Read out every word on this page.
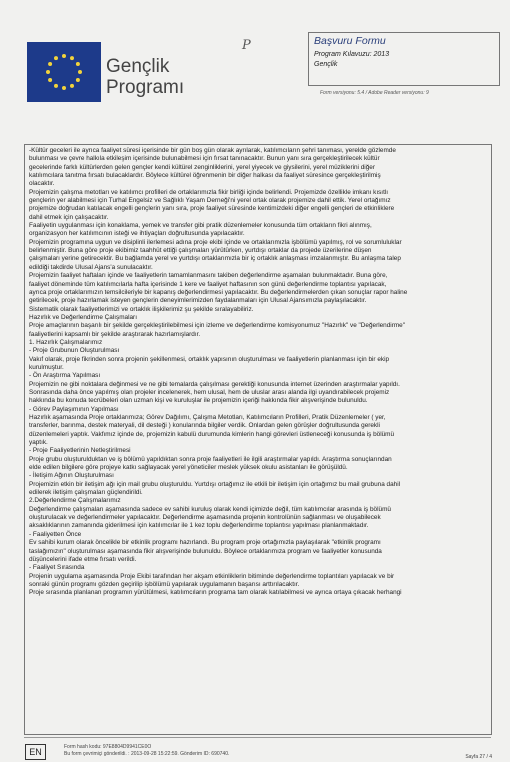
Gençlik
Programı
P	Başvuru Formu
Program Kılavuzu: 2013
Gençlik
Form versiyonu: 5.4 / Adobe Reader versiyonu: 9
-Kültür geceleri ile ayrıca faaliyet süresi içerisinde bir gün boş gün olarak ayrılarak, katılımcıların şehri tanıması, yerelde gözlemde
bulunması ve çevre halkıla etkileşim içerisinde bulunabilmesi için fırsat tanınacaktır. Bunun yanı sıra gerçekleştirilecek kültür
gecelerinde farklı kültürlerden gelen gençler kendi kültürel zenginliklerini, yerel yiyecek ve giysilerini, yerel müziklerini diğer
katılımcılara tanıtma fırsatı bulacaklardır. Böylece kültürel öğrenmenin bir diğer halkası da faaliyet süresince gerçekleştirilmiş
olacaktır.
Projemizin çalışma metotları ve katılımcı profilleri de ortaklarımızla fikir birliği içinde belirlendi. Projemizde özellikle imkanı kısıtlı
gençlerin yer alabilmesi için Turhal Engelsiz ve Sağlıklı Yaşam Derneği'ni yerel ortak olarak projemize dahil ettik. Yerel ortağımız
projemize doğrudan katılacak engelli gençlerin yanı sıra, proje faaliyet süresinde kentimizdeki diğer engelli gençleri de etkinliklere
dahil etmek için çalışacaktır.
Faaliyetin uygulanması için konaklama, yemek ve transfer gibi pratik düzenlemeler konusunda tüm ortakların fikri alınmış,
organizasyon her katılımcının isteği ve ihtiyaçları doğrultusunda yapılacaktır.
Projemizin programına uygun ve disiplinli ilerlemesi adına proje ekibi içinde ve ortaklarımızla işbölümü yapılmış, rol ve sorumluluklar
belirlenmiştir. Buna göre proje ekibimiz taahhüt ettiği çalışmaları yürütürken, yurtdışı ortaklar da projede üzerilerine düşen
çalışmaları yerine getirecektir. Bu bağlamda yerel ve yurtdışı ortaklarımızla bir iç ortaklık anlaşması imzalanmıştır. Bu anlaşma talep
edildiği takdirde Ulusal Ajans'a sunulacaktır.
Projemizin faaliyet haftaları içinde ve faaliyetlerin tamamlanmasını takiben değerlendirme aşamaları bulunmaktadır. Buna göre,
faaliyet döneminde tüm katılımcılarla hafta içerisinde 1 kere ve faaliyet haftasının son günü değerlendirme toplantısı yapılacak,
ayrıca proje ortaklarımızın temsilcileriyle bir kapanış değerlendirmesi yapılacaktır. Bu değerlendirmelerden çıkan sonuçlar rapor haline
getirilecek, proje hazırlamak isteyen gençlerin deneyimlerimizden faydalanmaları için Ulusal Ajansımızla paylaşılacaktır.
Sistematik olarak faaliyetlerimizi ve ortaklık ilişkilerimiz şu şekilde sıralayabiliriz.
Hazırlık ve Değerlendirme Çalışmaları
Proje amaçlarının başarılı bir şekilde gerçekleştirilebilmesi için izleme ve değerlendirme komisyonumuz "Hazırlık" ve "Değerlendirme"
faaliyetlerini kapsamlı bir şekilde araştırarak hazırlamışlardır.
1. Hazırlık Çalışmalarımız
- Proje Grubunun Oluşturulması
Vakıf olarak, proje fikrinden sonra projenin şekillenmesi, ortaklık yapısının oluşturulması ve faaliyetlerin planlanması için bir ekip
kurulmuştur.
- Ön Araştırma Yapılması
Projemizin ne gibi noktalara değinmesi ve ne gibi temalarda çalışılması gerektiği konusunda internet üzerinden araştırmalar yapıldı.
Sonrasında daha önce yapılmış olan projeler incelenerek, hem ulusal, hem de uluslar arası alanda ilgi uyandırabilecek projemiz
hakkında bu konuda tecrübeleri olan uzman kişi ve kuruluşlar ile projemizin içeriği hakkında fikir alışverişinde bulunuldu.
- Görev Paylaşımının Yapılması
Hazırlık aşamasında Proje ortaklarımıza; Görev Dağılımı, Çalışma Metotları, Katılımcıların Profilleri, Pratik Düzenlemeler ( yer,
transferler, barınma, destek materyali, dil desteği ) konularında bilgiler verdik. Onlardan gelen görüşler doğrultusunda gerekli
düzenlemeleri yaptık. Vakfımız içinde de, projemizin kabulü durumunda kimlerin hangi görevleri üstleneceği konusunda iş bölümü
yaptık.
- Proje Faaliyetlerinin Netleştirilmesi
Proje grubu oluşturulduktan ve iş bölümü yapıldıktan sonra proje faaliyetleri ile ilgili araştırmalar yapıldı. Araştırma sonuçlarından
elde edilen bilgilere göre projeye katkı sağlayacak yerel yöneticiler meslek yüksek okulu asistanları ile görüşüldü.
- İletişim Ağının Oluşturulması
Projemizin etkin bir iletişim ağı için mail grubu oluşturuldu. Yurtdışı ortağımız ile etkili bir iletişim için ortağımız bu mail grubuna dahil
edilerek iletişim çalışmaları güçlendirildi.
2.Değerlendirme Çalışmalarımız
Değerlendirme çalışmaları aşamasında sadece ev sahibi kuruluş olarak kendi içimizde değil, tüm katılımcılar arasında iş bölümü
oluşturulacak ve değerlendirmeler yapılacaktır. Değerlendirme aşamasında projenin kontrolünün sağlanması ve oluşabilecek
aksaklıklarının zamanında giderilmesi için katılımcılar ile 1 kez toplu değerlendirme toplantısı yapılması planlanmaktadır.
- Faaliyetten Önce
Ev sahibi kurum olarak öncelikle bir etkinlik programı hazırlandı. Bu program proje ortağımızla paylaşılarak "etkinlik programı
taslağımızın" oluşturulması aşamasında fikir alışverişinde bulunuldu. Böylece ortaklarımıza program ve faaliyetler konusunda
düşüncelerini ifade etme fırsatı verildi.
- Faaliyet Sırasında
Projenin uygulama aşamasında Proje Ekibi tarafından her akşam etkinliklerin bitiminde değerlendirme toplantıları yapılacak ve bir
sonraki günün programı gözden geçirilip işbölümü yapılarak uygulamanın başarısı arttırılacaktır.
Proje sırasında planlanan programın yürütülmesi, katılımcıların programa tam olarak katılabilmesi ve ayrıca ortaya çıkacak herhangi
EN	Form hash kodu: 97E8804D9941CE0O
Bu form çevrimiçi gönderildi. : 2013-09-28 15:22:59. Gönderim ID: 690740.	Sayfa 27 / 4
